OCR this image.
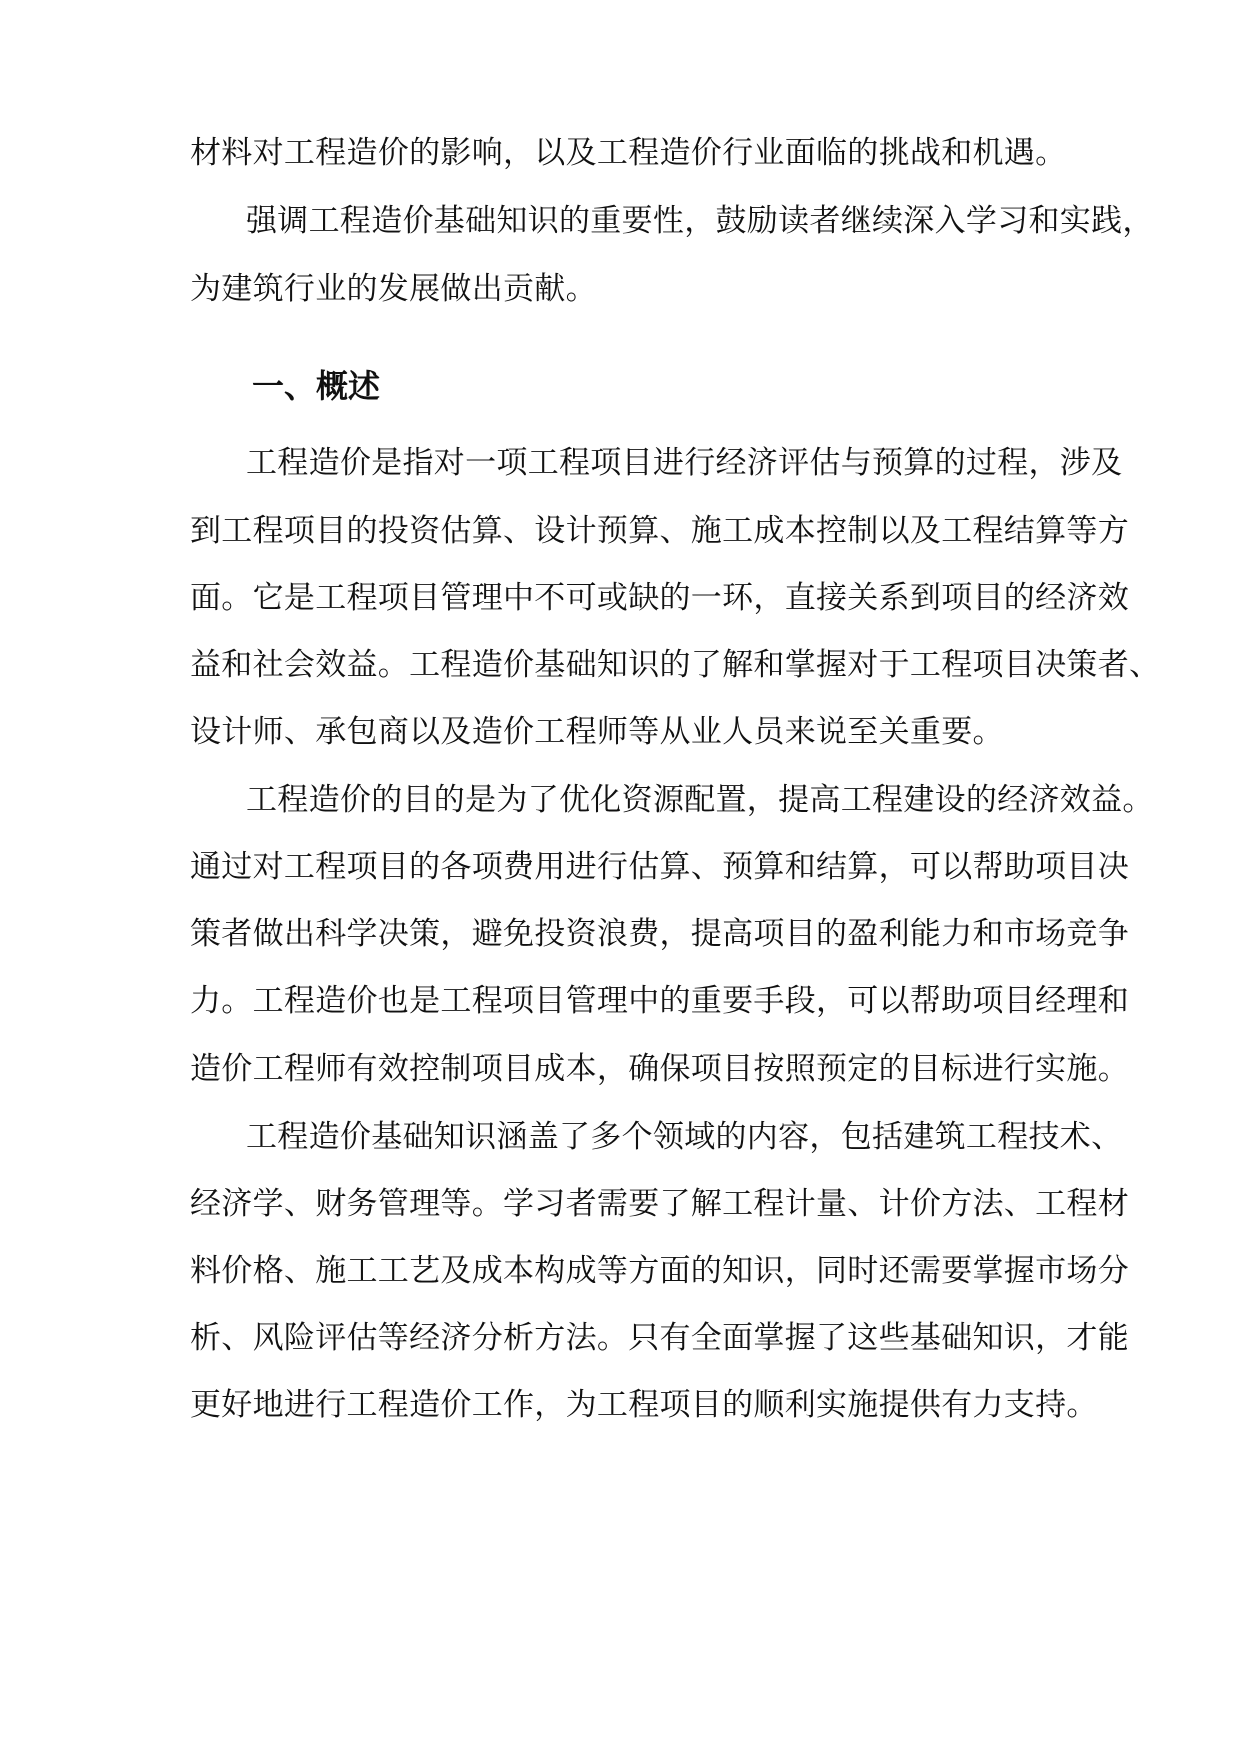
材料对工程造价的影响，以及工程造价行业面临的挑战和机遇。
强调工程造价基础知识的重要性，鼓励读者继续深入学习和实践，
为建筑行业的发展做出贡献。
一、概述
工程造价是指对一项工程项目进行经济评估与预算的过程，涉及
到工程项目的投资估算、设计预算、施工成本控制以及工程结算等方
面。它是工程项目管理中不可或缺的一环，直接关系到项目的经济效
益和社会效益。工程造价基础知识的了解和掌握对于工程项目决策者、
设计师、承包商以及造价工程师等从业人员来说至关重要。
工程造价的目的是为了优化资源配置，提高工程建设的经济效益。
通过对工程项目的各项费用进行估算、预算和结算，可以帮助项目决
策者做出科学决策，避免投资浪费，提高项目的盈利能力和市场竞争
力。工程造价也是工程项目管理中的重要手段，可以帮助项目经理和
造价工程师有效控制项目成本，确保项目按照预定的目标进行实施。
工程造价基础知识涵盖了多个领域的内容，包括建筑工程技术、
经济学、财务管理等。学习者需要了解工程计量、计价方法、工程材
料价格、施工工艺及成本构成等方面的知识，同时还需要掌握市场分
析、风险评估等经济分析方法。只有全面掌握了这些基础知识，才能
更好地进行工程造价工作，为工程项目的顺利实施提供有力支持。
